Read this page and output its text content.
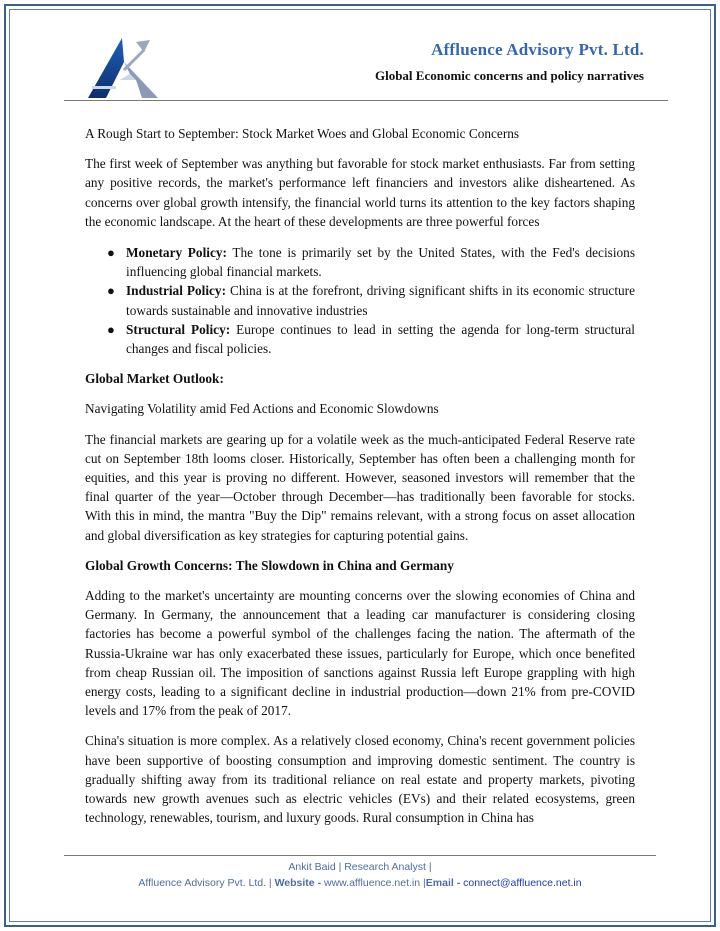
Affluence Advisory Pvt. Ltd.
Global Economic concerns and policy narratives

A Rough Start to September: Stock Market Woes and Global Economic Concerns

The first week of September was anything but favorable for stock market enthusiasts. Far from setting any positive records, the market's performance left financiers and investors alike disheartened. As concerns over global growth intensify, the financial world turns its attention to the key factors shaping the economic landscape. At the heart of these developments are three powerful forces

● Monetary Policy: The tone is primarily set by the United States, with the Fed's decisions influencing global financial markets.
● Industrial Policy: China is at the forefront, driving significant shifts in its economic structure towards sustainable and innovative industries
● Structural Policy: Europe continues to lead in setting the agenda for long-term structural changes and fiscal policies.
Global Market Outlook:

Navigating Volatility amid Fed Actions and Economic Slowdowns

The financial markets are gearing up for a volatile week as the much-anticipated Federal Reserve rate cut on September 18th looms closer. Historically, September has often been a challenging month for equities, and this year is proving no different. However, seasoned investors will remember that the final quarter of the year—October through December—has traditionally been favorable for stocks. With this in mind, the mantra "Buy the Dip" remains relevant, with a strong focus on asset allocation and global diversification as key strategies for capturing potential gains.

Global Growth Concerns: The Slowdown in China and Germany

Adding to the market's uncertainty are mounting concerns over the slowing economies of China and Germany. In Germany, the announcement that a leading car manufacturer is considering closing factories has become a powerful symbol of the challenges facing the nation. The aftermath of the Russia-Ukraine war has only exacerbated these issues, particularly for Europe, which once benefited from cheap Russian oil. The imposition of sanctions against Russia left Europe grappling with high energy costs, leading to a significant decline in industrial production—down 21% from pre-COVID levels and 17% from the peak of 2017.

China's situation is more complex. As a relatively closed economy, China's recent government policies have been supportive of boosting consumption and improving domestic sentiment. The country is gradually shifting away from its traditional reliance on real estate and property markets, pivoting towards new growth avenues such as electric vehicles (EVs) and their related ecosystems, green technology, renewables, tourism, and luxury goods. Rural consumption in China has

Ankit Baid | Research Analyst |
Affluence Advisory Pvt. Ltd. | Website - www.affluence.net.in |Email - connect@affluence.net.in
